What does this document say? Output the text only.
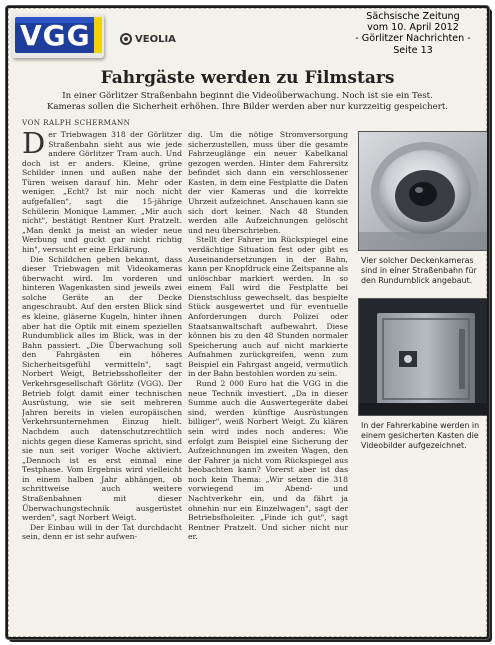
VGG	VEOLIA
Sächsische Zeitung
vom 10. April 2012
- Görlitzer Nachrichten -
Seite 13
Fahrgäste werden zu Filmstars
In einer Görlitzer Straßenbahn beginnt die Videoüberwachung. Noch ist sie ein Test.
Kameras sollen die Sicherheit erhöhen. Ihre Bilder werden aber nur kurzzeitig gespeichert.
VON RALPH SCHERMANN

Der Triebwagen 318 der Görlitzer Straßenbahn sieht aus wie jede andere Görlitzer Tram auch. Und doch ist er anders. Kleine, grüne Schilder innen und außen nahe der Türen weisen darauf hin. Mehr oder weniger. „Echt? Ist mir noch nicht aufgefallen", sagt die 15-jährige Schülerin Monique Lammer. „Mir auch nicht", bestätigt Rentner Kurt Pratzelt. „Man denkt ja meist an wieder neue Werbung und guckt gar nicht richtig hin", versucht er eine Erklärung.

Die Schildchen geben bekannt, dass dieser Triebwagen mit Videokameras überwacht wird. Im vorderen und hinteren Wagenkasten sind jeweils zwei solche Geräte an der Decke angeschraubt. Auf den ersten Blick sind es kleine, gläserne Kugeln, hinter ihnen aber hat die Optik mit einem speziellen Rundumblick alles im Blick, was in der Bahn passiert. „Die Überwachung soll den Fahrgästen ein höheres Sicherheitsgefühl vermitteln", sagt Norbert Weigt, Betriebsshofleiter der Verkehrsgesellschaft Görlitz (VGG). Der Betrieb folgt damit einer technischen Ausrüstung, wie sie seit mehreren Jahren bereits in vielen europäischen Verkehrsunternehmen Einzug hielt. Nachdem auch datenschutzrechtlich nichts gegen diese Kameras spricht, sind sie nun seit voriger Woche aktiviert. „Dennoch ist es erst einmal eine Testphase. Vom Ergebnis wird vielleicht in einem halben Jahr abhängen, ob schrittweise auch weitere Straßenbahnen mit dieser Überwachungstechnik ausgerüstet werden", sagt Norbert Weigt.

Der Einbau will in der Tat durchdacht sein, denn er ist sehr aufwen-

dig. Um die nötige Stromversorgung sicherzustellen, muss über die gesamte Fahrzeuglänge ein neuer Kabelkanal gezogen werden. Hinter dem Fahrersitz befindet sich dann ein verschlossener Kasten, in dem eine Festplatte die Daten der vier Kameras und die korrekte Uhrzeit aufzeichnet. Anschauen kann sie sich dort keiner. Nach 48 Stunden werden alle Aufzeichnungen gelöscht und neu überschrieben.

Stellt der Fahrer im Rückspiegel eine verdächtige Situation fest oder gibt es Auseinandersetzungen in der Bahn, kann per Knopfdruck eine Zeitspanne als unlöschbar markiert werden. In so einem Fall wird die Festplatte bei Dienstschluss gewechselt, das bespielte Stück ausgewertet und für eventuelle Anforderungen durch Polizei oder Staatsanwaltschaft aufbewahrt. Diese können bis zu den 48 Stunden normaler Speicherung auch auf nicht markierte Aufnahmen zurückgreifen, wenn zum Beispiel ein Fahrgast angeid, vermutlich in der Bahn bestohlen worden zu sein.

Rund 2 000 Euro hat die VGG in die neue Technik investiert. „Da in dieser Summe auch die Auswertegeräte dabei sind, werden künftige Ausrüstungen billiger", weiß Norbert Weigt. Zu klären sein wird indes noch anderes: Wie erfolgt zum Beispiel eine Sicherung der Aufzeichnungen im zweiten Wagen, den der Fahrer ja nicht vom Rückspiegel aus beobachten kann? Vorerst aber ist das noch kein Thema: „Wir setzen die 318 vorwiegend im Abend- und Nachtverkehr ein, und da fährt ja ohnehin nur ein Einzelwagen", sagt der Betriebsfholeiter. „Finde ich gut", sagt Rentner Pratzelt. Und sicher nicht nur er.

Vier solcher Deckenkameras sind in einer Straßenbahn für den Rundumblick angebaut.
In der Fahrerkabine werden in einem gesicherten Kasten die Videobilder aufgezeichnet.
